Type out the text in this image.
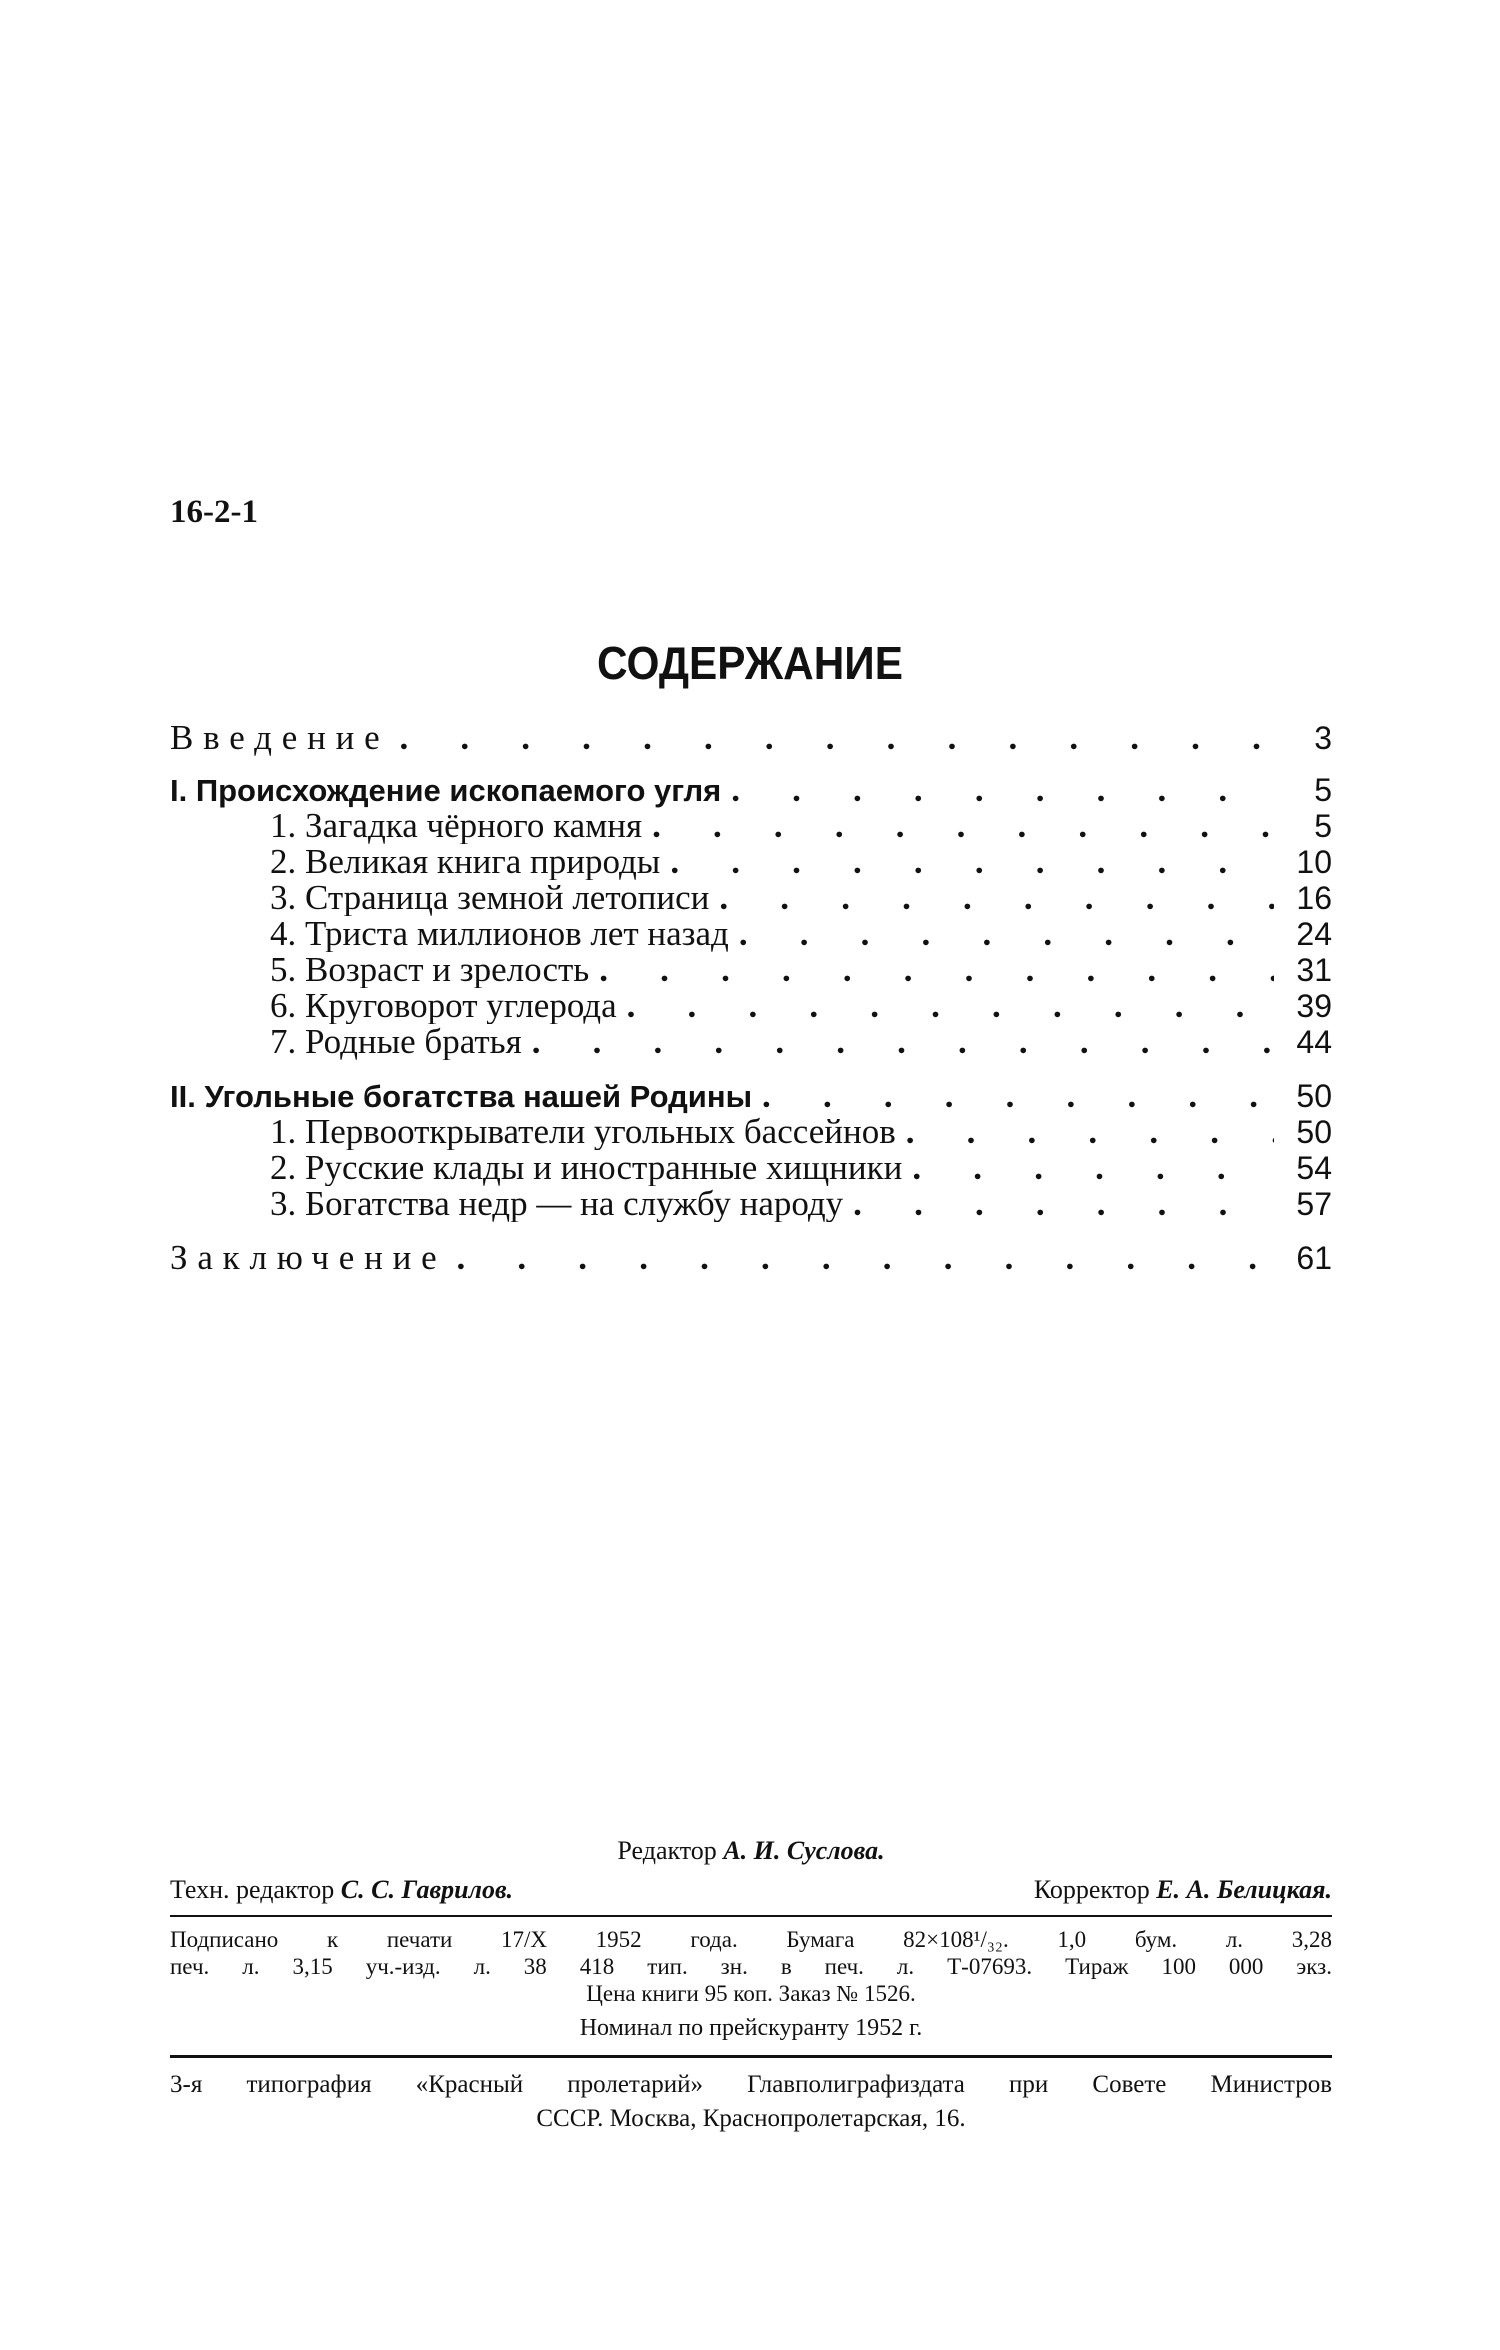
16-2-1
СОДЕРЖАНИЕ
Введение . . .	3
I. Происхождение ископаемого угля . . .	5
1. Загадка чёрного камня . . .	5
2. Великая книга природы . . .	10
3. Страница земной летописи . . .	16
4. Триста миллионов лет назад . . .	24
5. Возраст и зрелость . . .	31
6. Круговорот углерода . . .	39
7. Родные братья . . .	44
II. Угольные богатства нашей Родины . . .	50
1. Первооткрыватели угольных бассейнов . . .	50
2. Русские клады и иностранные хищники . . .	54
3. Богатства недр — на службу народу . . .	57
Заключение . . .	61
Редактор А. И. Суслова.
Техн. редактор С. С. Гаврилов.	Корректор Е. А. Белицкая.
Подписано к печати 17/X 1952 года. Бумага 82×108¹/₃₂. 1,0 бум. л. 3,28
печ. л. 3,15 уч.-изд. л. 38 418 тип. зн. в печ. л. Т-07693. Тираж 100 000 экз.
Цена книги 95 коп. Заказ № 1526.
Номинал по прейскуранту 1952 г.
3-я типография «Красный пролетарий» Главполиграфиздата при Совете Министров
СССР. Москва, Краснопролетарская, 16.
